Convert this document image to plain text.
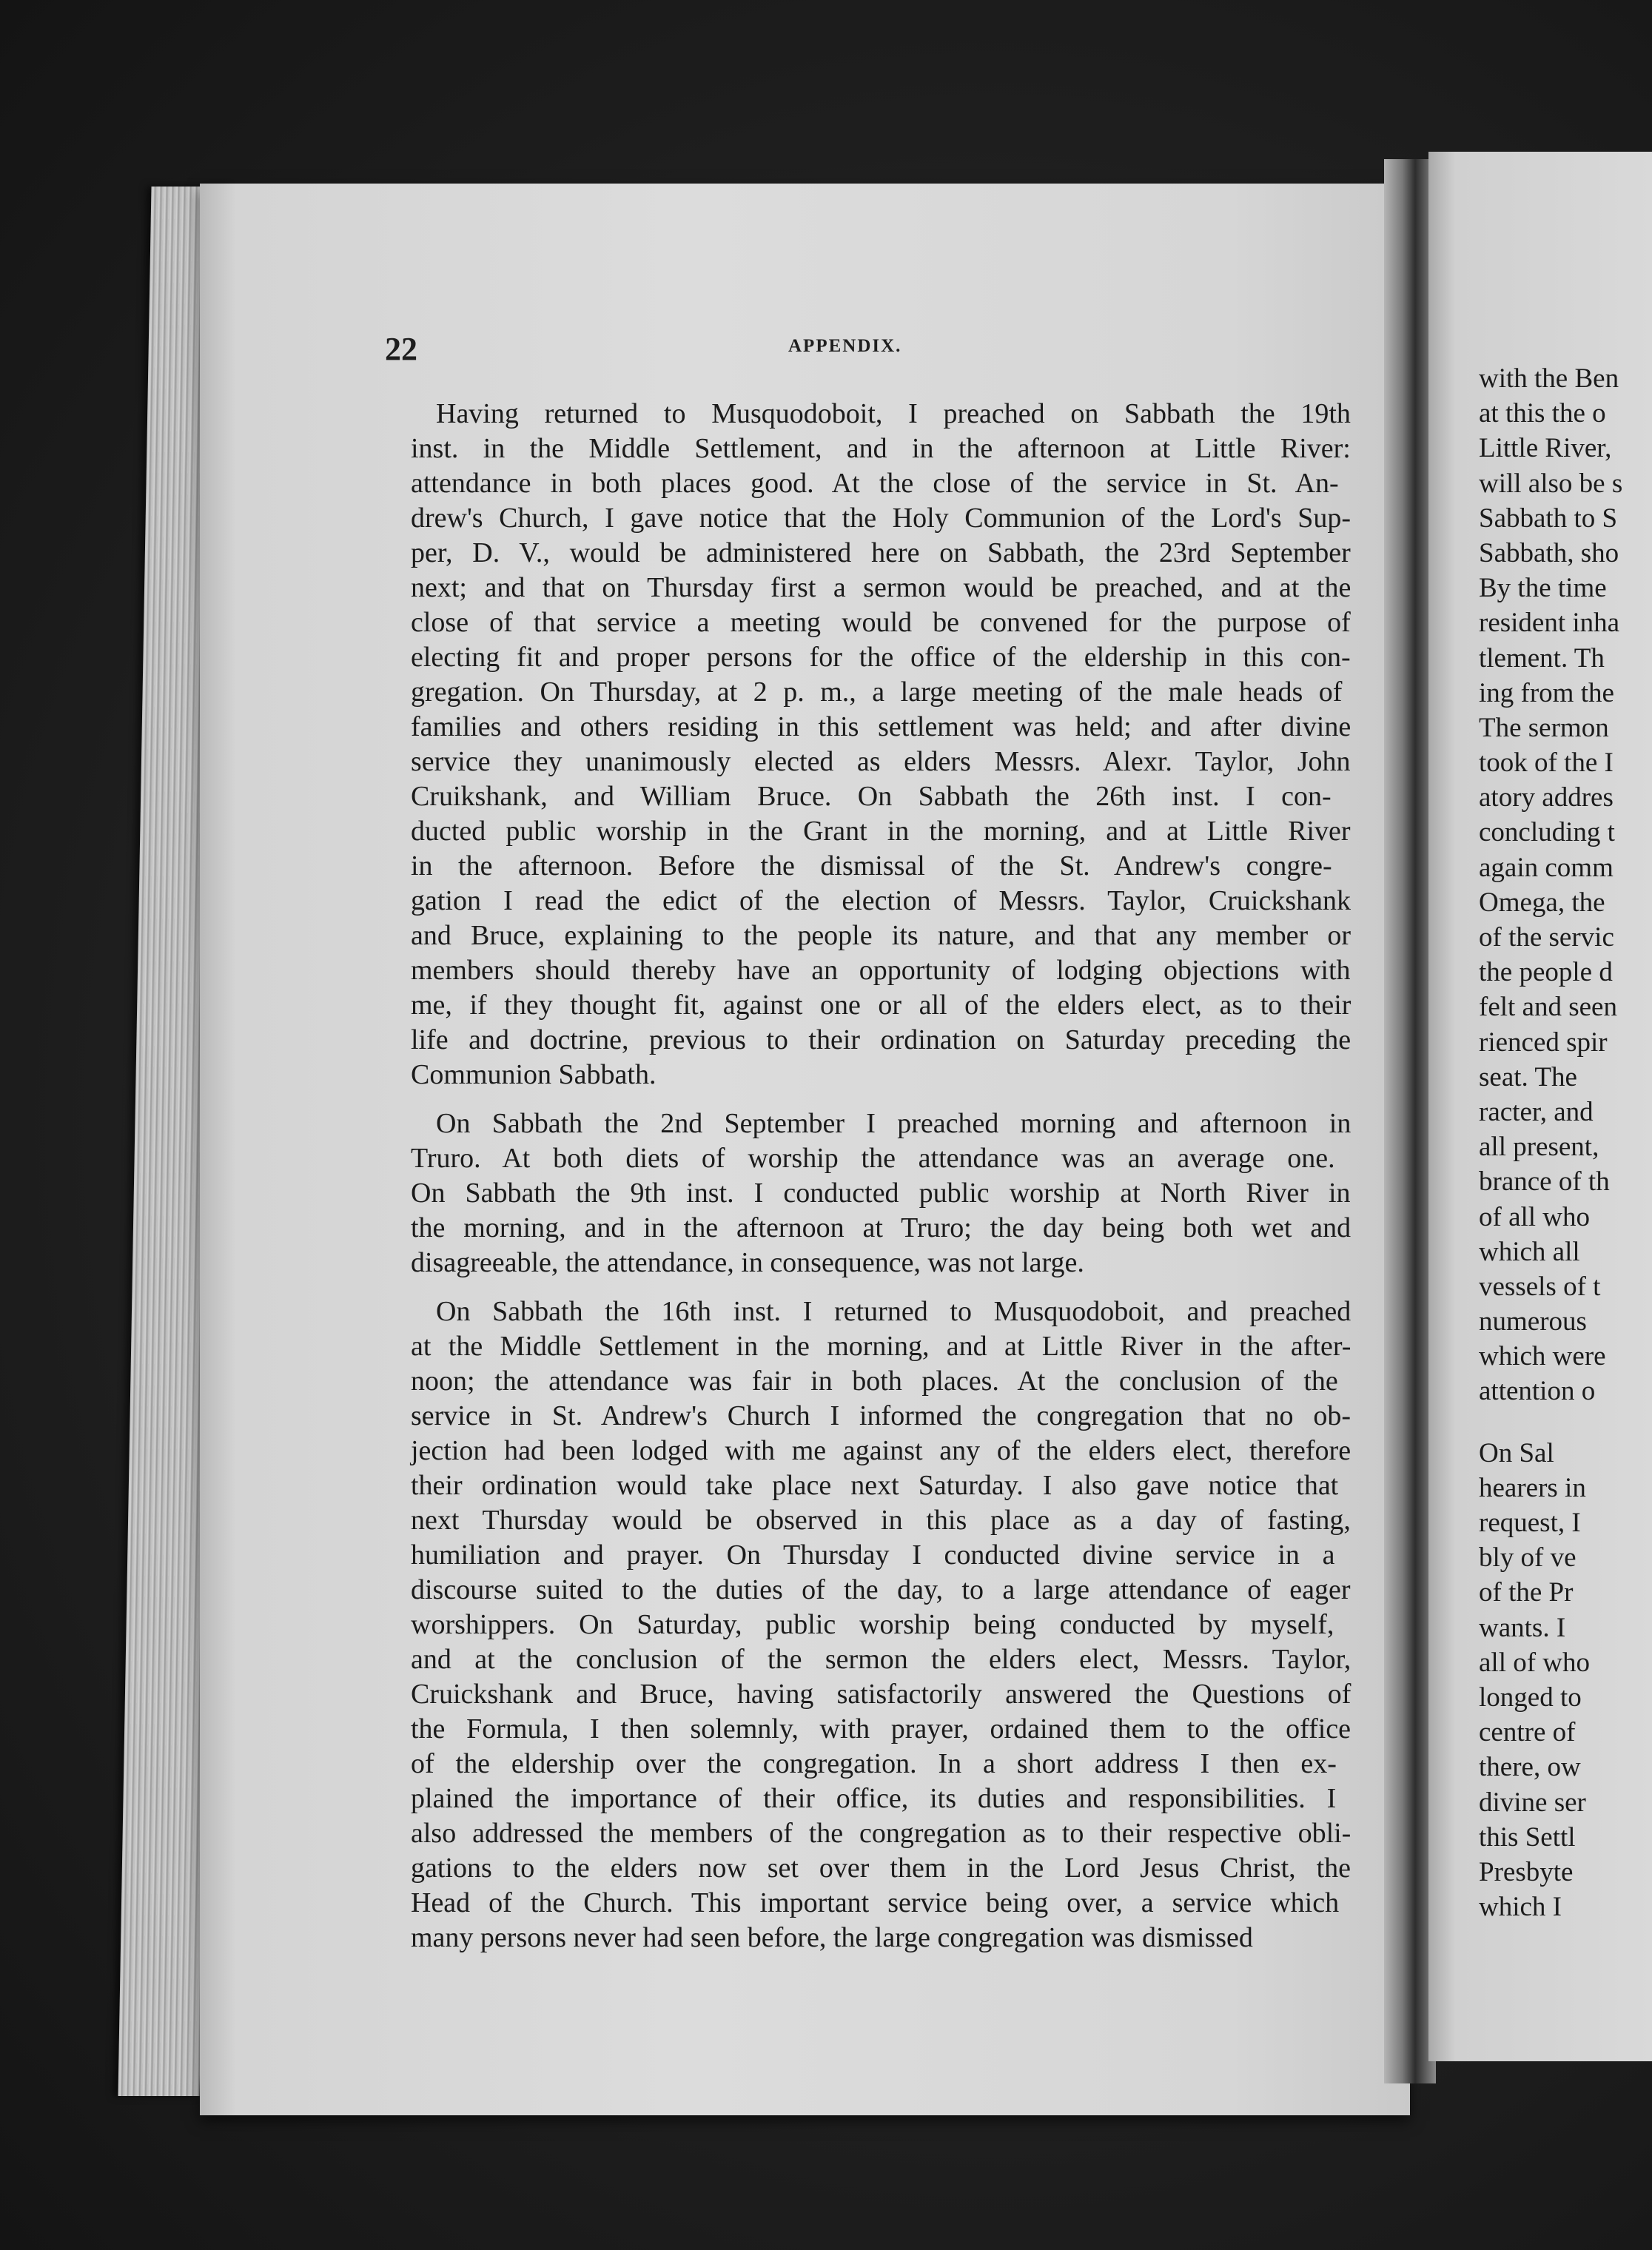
22	APPENDIX.
Having returned to Musquodoboit, I preached on Sabbath the 19th
inst. in the Middle Settlement, and in the afternoon at Little River:
attendance in both places good. At the close of the service in St. An-
drew's Church, I gave notice that the Holy Communion of the Lord's Sup-
per, D. V., would be administered here on Sabbath, the 23rd September
next; and that on Thursday first a sermon would be preached, and at the
close of that service a meeting would be convened for the purpose of
electing fit and proper persons for the office of the eldership in this con-
gregation. On Thursday, at 2 p. m., a large meeting of the male heads of
families and others residing in this settlement was held; and after divine
service they unanimously elected as elders Messrs. Alexr. Taylor, John
Cruikshank, and William Bruce. On Sabbath the 26th inst. I con-
ducted public worship in the Grant in the morning, and at Little River
in the afternoon. Before the dismissal of the St. Andrew's congre-
gation I read the edict of the election of Messrs. Taylor, Cruickshank
and Bruce, explaining to the people its nature, and that any member or
members should thereby have an opportunity of lodging objections with
me, if they thought fit, against one or all of the elders elect, as to their
life and doctrine, previous to their ordination on Saturday preceding the
Communion Sabbath.
On Sabbath the 2nd September I preached morning and afternoon in
Truro. At both diets of worship the attendance was an average one.
On Sabbath the 9th inst. I conducted public worship at North River in
the morning, and in the afternoon at Truro; the day being both wet and
disagreeable, the attendance, in consequence, was not large.
On Sabbath the 16th inst. I returned to Musquodoboit, and preached
at the Middle Settlement in the morning, and at Little River in the after-
noon; the attendance was fair in both places. At the conclusion of the
service in St. Andrew's Church I informed the congregation that no ob-
jection had been lodged with me against any of the elders elect, therefore
their ordination would take place next Saturday. I also gave notice that
next Thursday would be observed in this place as a day of fasting,
humiliation and prayer. On Thursday I conducted divine service in a
discourse suited to the duties of the day, to a large attendance of eager
worshippers. On Saturday, public worship being conducted by myself,
and at the conclusion of the sermon the elders elect, Messrs. Taylor,
Cruickshank and Bruce, having satisfactorily answered the Questions of
the Formula, I then solemnly, with prayer, ordained them to the office
of the eldership over the congregation. In a short address I then ex-
plained the importance of their office, its duties and responsibilities. I
also addressed the members of the congregation as to their respective obli-
gations to the elders now set over them in the Lord Jesus Christ, the
Head of the Church. This important service being over, a service which
many persons never had seen before, the large congregation was dismissed
with the Ben
at this the o
Little River,
will also be s
Sabbath to S
Sabbath, sho
By the time
resident inha
tlement. Th
ing from the
The sermon
took of the I
atory addres
concluding t
again comm
Omega, the
of the servic
the people d
felt and seen
rienced spir
seat. The
racter, and
all present,
brance of th
of all who
which all
vessels of t
numerous
which were
attention o
On Sal
hearers in
request, I
bly of ve
of the Pr
wants. I
all of who
longed to
centre of
there, ow
divine ser
this Settl
Presbyte
which I
